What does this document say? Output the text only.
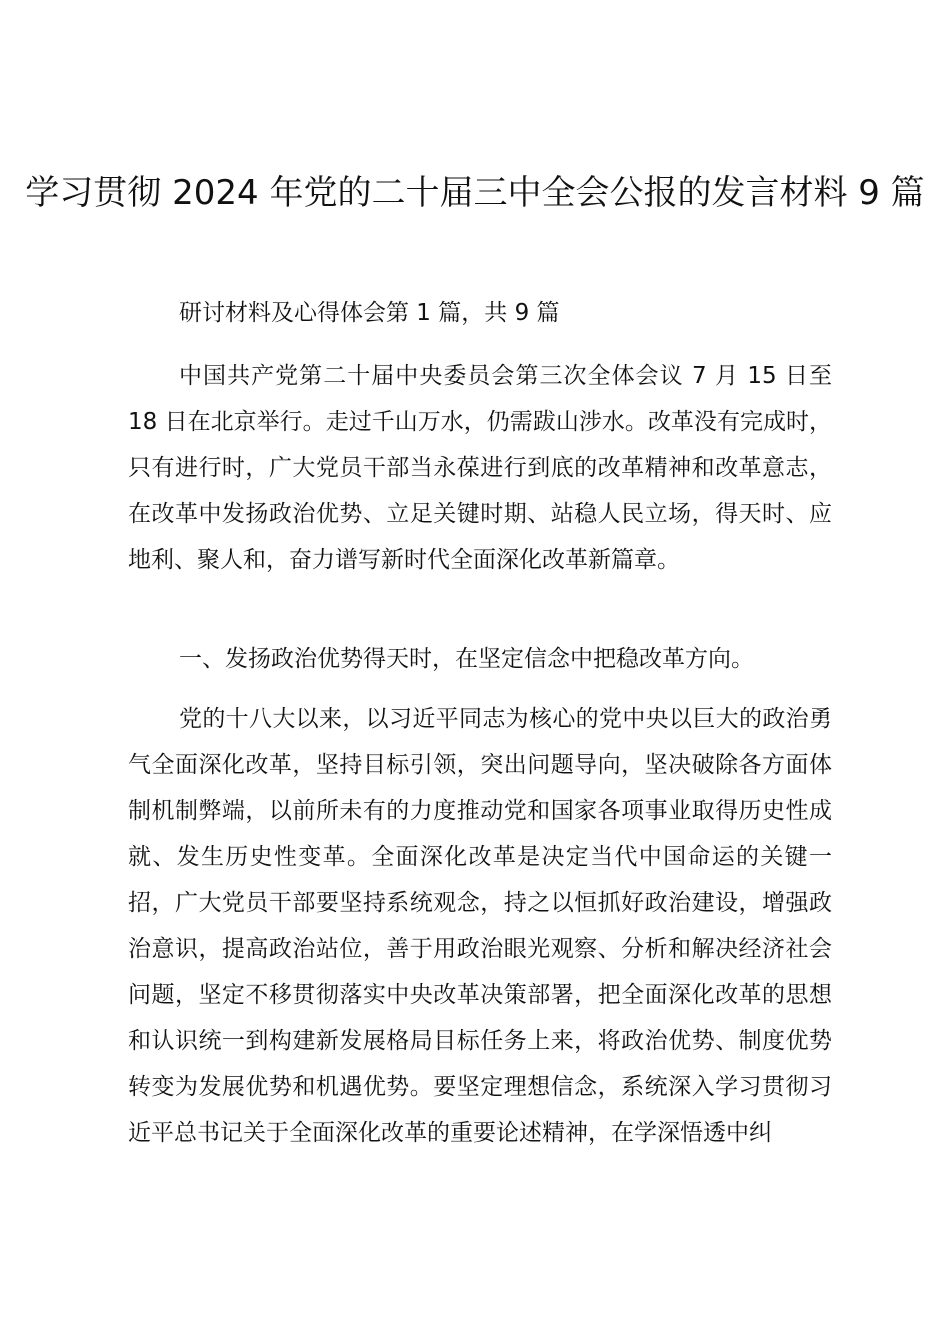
学习贯彻 2024 年党的二十届三中全会公报的发言材料 9 篇

研讨材料及心得体会第 1 篇，共 9 篇

中国共产党第二十届中央委员会第三次全体会议 7 月 15 日至 18 日在北京举行。走过千山万水，仍需跋山涉水。改革没有完成时，只有进行时，广大党员干部当永葆进行到底的改革精神和改革意志，在改革中发扬政治优势、立足关键时期、站稳人民立场，得天时、应地利、聚人和，奋力谱写新时代全面深化改革新篇章。

一、发扬政治优势得天时，在坚定信念中把稳改革方向。

党的十八大以来，以习近平同志为核心的党中央以巨大的政治勇气全面深化改革，坚持目标引领，突出问题导向，坚决破除各方面体制机制弊端，以前所未有的力度推动党和国家各项事业取得历史性成就、发生历史性变革。全面深化改革是决定当代中国命运的关键一招，广大党员干部要坚持系统观念，持之以恒抓好政治建设，增强政治意识，提高政治站位，善于用政治眼光观察、分析和解决经济社会问题，坚定不移贯彻落实中央改革决策部署，把全面深化改革的思想和认识统一到构建新发展格局目标任务上来，将政治优势、制度优势转变为发展优势和机遇优势。要坚定理想信念，系统深入学习贯彻习近平总书记关于全面深化改革的重要论述精神，在学深悟透中纠
